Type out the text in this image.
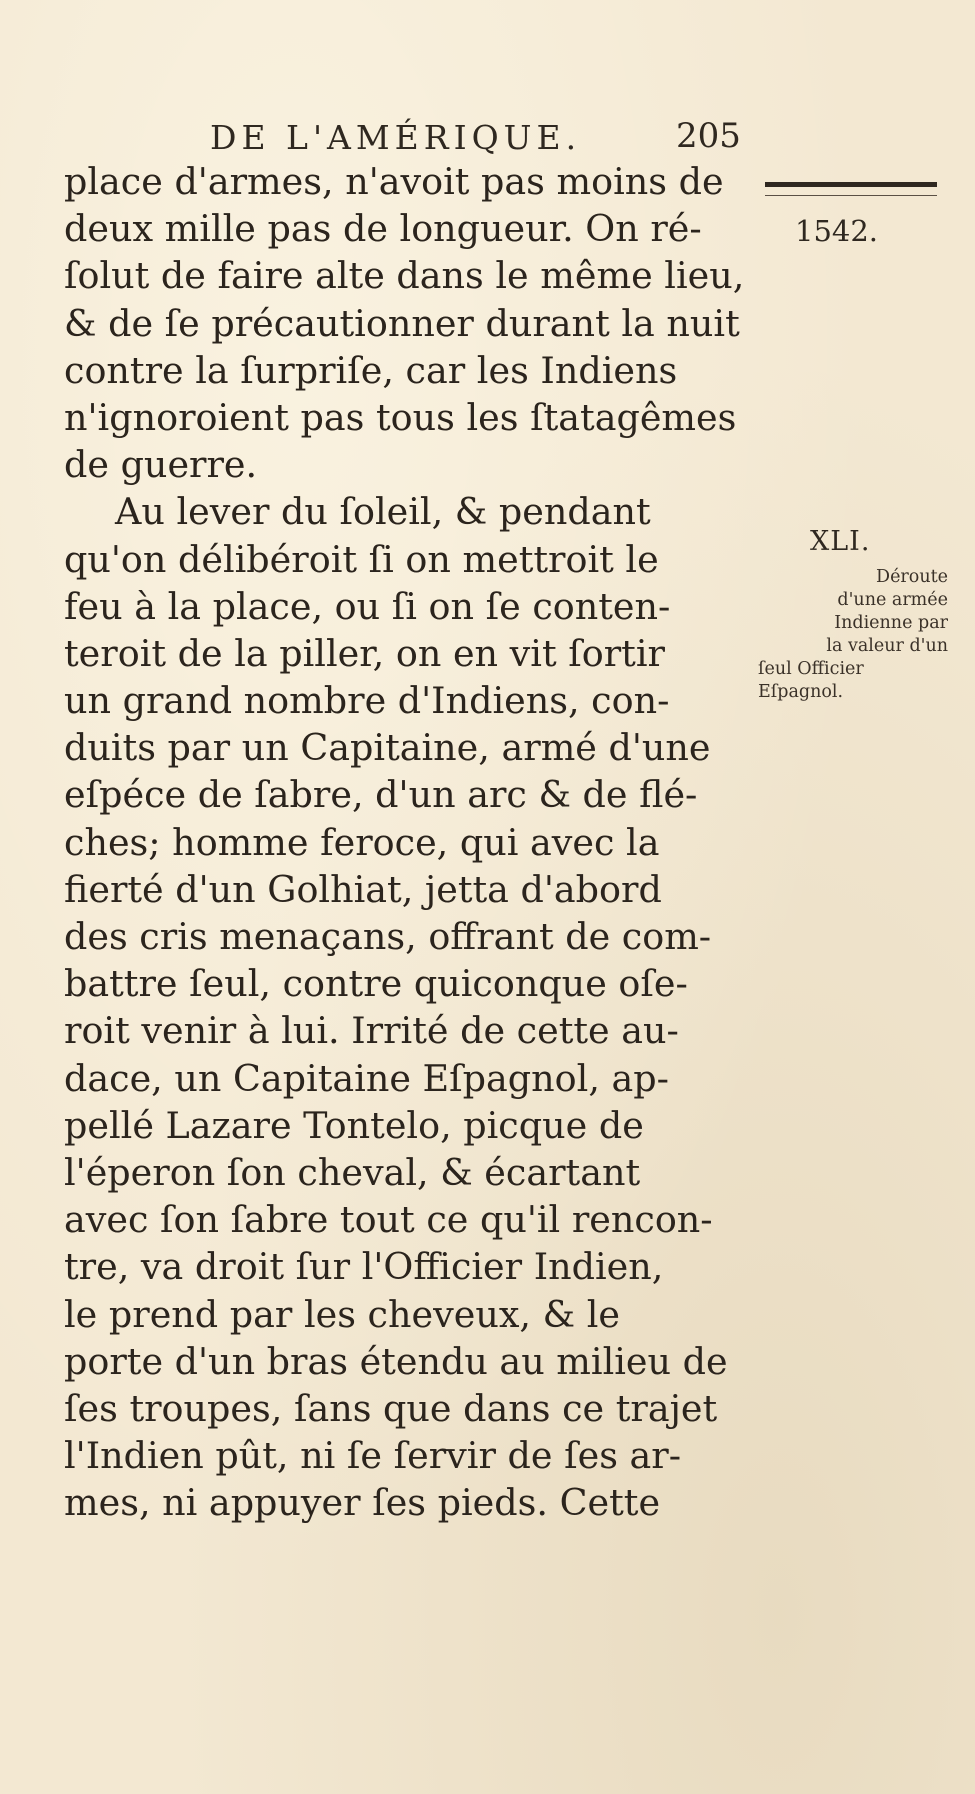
DE L'AMÉRIQUE.	205
1542.
XLI.
Déroute
d'une armée
Indienne par
la valeur d'un
ſeul Officier
Eſpagnol.
place d'armes, n'avoit pas moins de
deux mille pas de longueur. On ré-
ſolut de faire alte dans le même lieu,
& de ſe précautionner durant la nuit
contre la ſurpriſe, car les Indiens
n'ignoroient pas tous les ſtatagêmes
de guerre.
Au lever du ſoleil, & pendant
qu'on délibéroit ſi on mettroit le
feu à la place, ou ſi on ſe conten-
teroit de la piller, on en vit ſortir
un grand nombre d'Indiens, con-
duits par un Capitaine, armé d'une
eſpéce de ſabre, d'un arc & de flé-
ches; homme feroce, qui avec la
fierté d'un Golhiat, jetta d'abord
des cris menaçans, offrant de com-
battre ſeul, contre quiconque oſe-
roit venir à lui. Irrité de cette au-
dace, un Capitaine Eſpagnol, ap-
pellé Lazare Tontelo, picque de
l'éperon ſon cheval, & écartant
avec ſon ſabre tout ce qu'il rencon-
tre, va droit ſur l'Officier Indien,
le prend par les cheveux, & le
porte d'un bras étendu au milieu de
ſes troupes, ſans que dans ce trajet
l'Indien pût, ni ſe ſervir de ſes ar-
mes, ni appuyer ſes pieds. Cette
